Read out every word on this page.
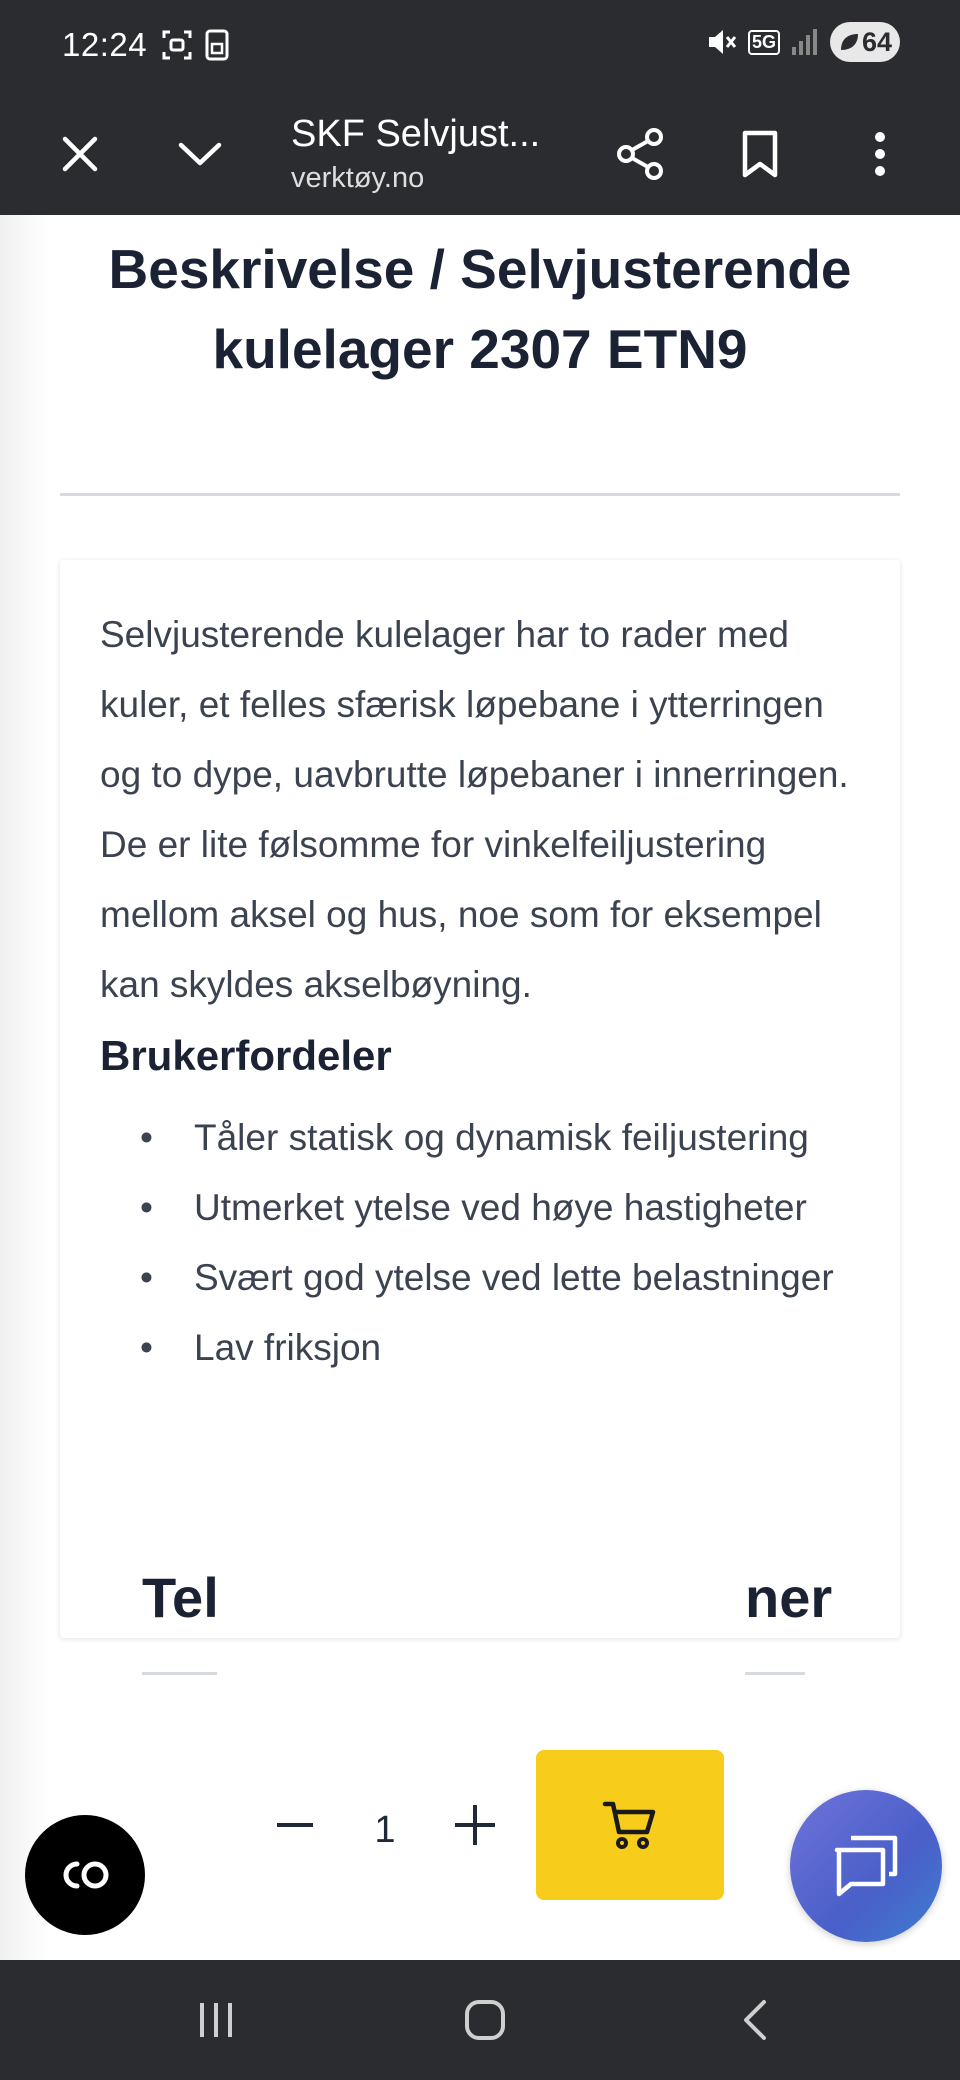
12:24	5G	64
SKF Selvjust...
verktøy.no
Beskrivelse / Selvjusterende kulelager 2307 ETN9

Selvjusterende kulelager har to rader med kuler, et felles sfærisk løpebane i ytterringen og to dype, uavbrutte løpebaner i innerringen. De er lite følsomme for vinkelfeiljustering mellom aksel og hus, noe som for eksempel kan skyldes akselbøyning.

Brukerfordeler
• Tåler statisk og dynamisk feiljustering
• Utmerket ytelse ved høye hastigheter
• Svært god ytelse ved lette belastninger
• Lav friksjon
Tel	ner
1
